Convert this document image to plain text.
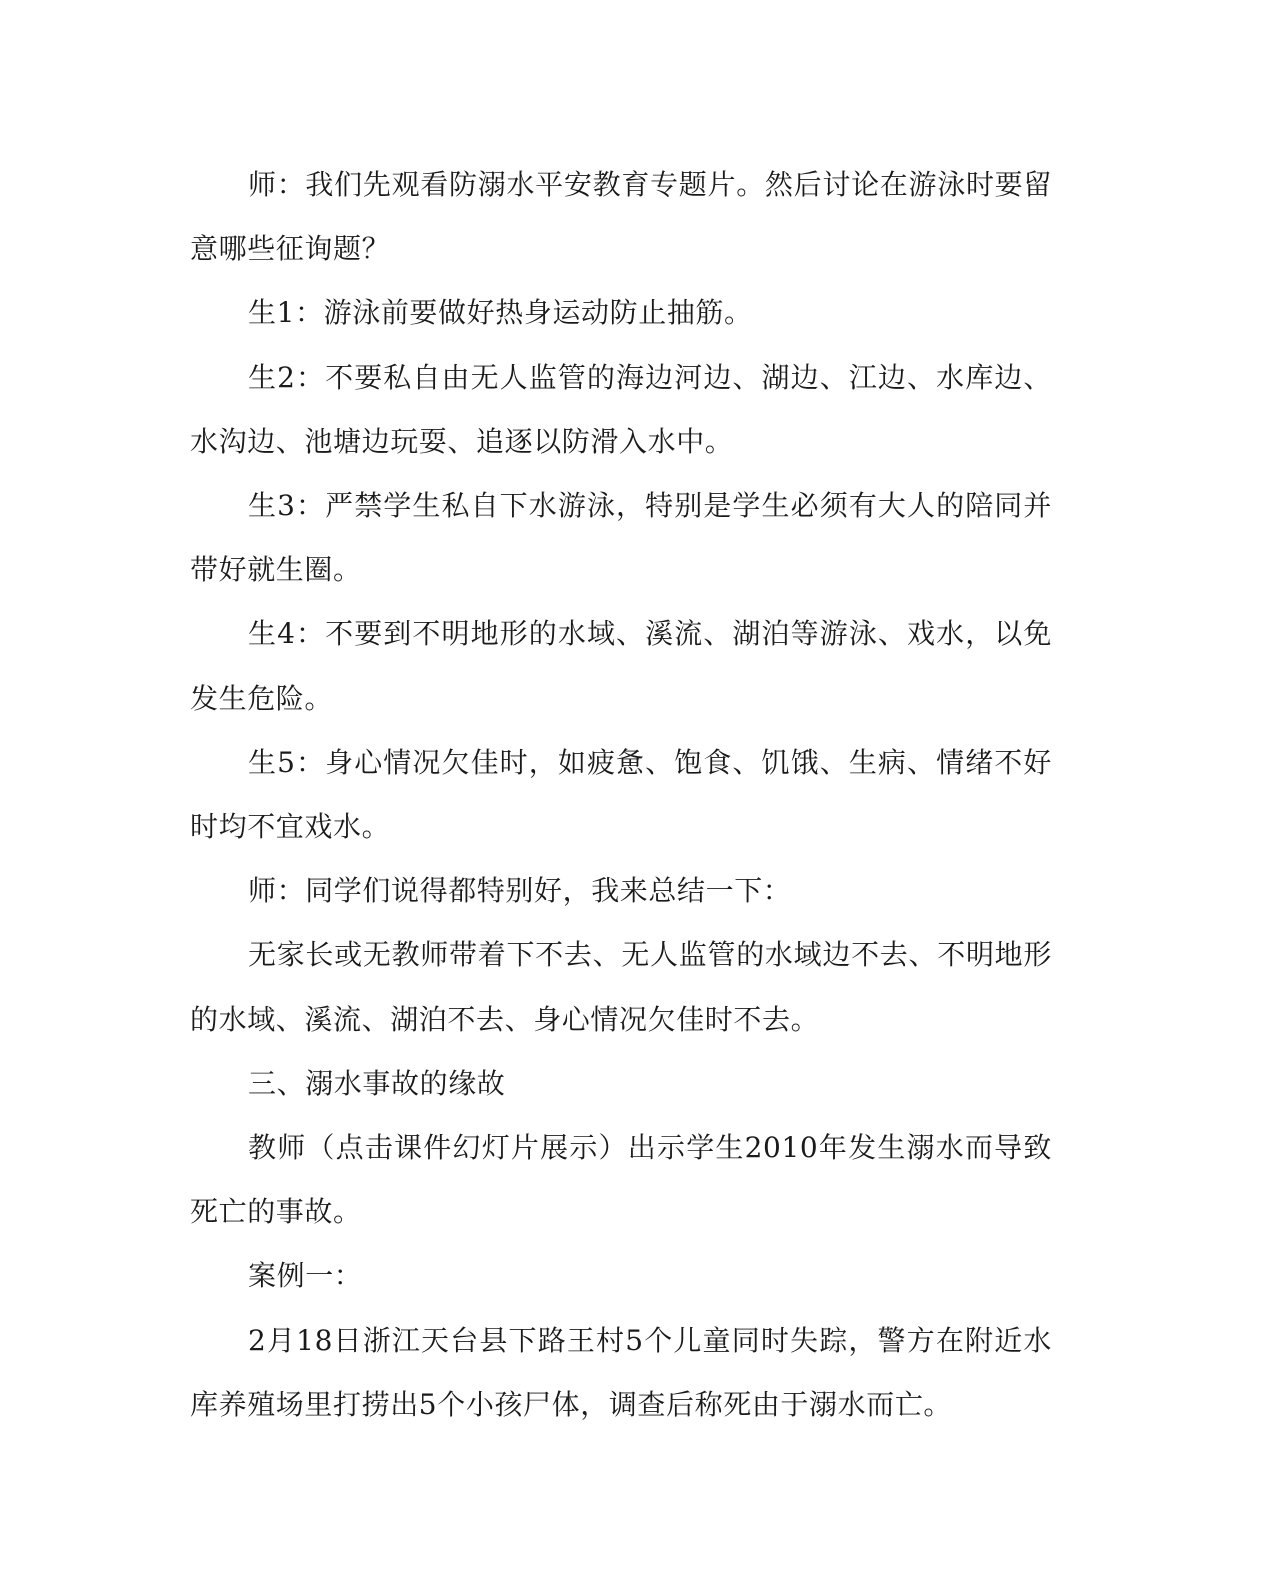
师：我们先观看防溺水平安教育专题片。然后讨论在游泳时要留意哪些征询题？

生1：游泳前要做好热身运动防止抽筋。

生2：不要私自由无人监管的海边河边、湖边、江边、水库边、水沟边、池塘边玩耍、追逐以防滑入水中。

生3：严禁学生私自下水游泳，特别是学生必须有大人的陪同并带好就生圈。

生4：不要到不明地形的水域、溪流、湖泊等游泳、戏水，以免发生危险。

生5：身心情况欠佳时，如疲惫、饱食、饥饿、生病、情绪不好时均不宜戏水。

师：同学们说得都特别好，我来总结一下：

无家长或无教师带着下不去、无人监管的水域边不去、不明地形的水域、溪流、湖泊不去、身心情况欠佳时不去。

三、溺水事故的缘故

教师（点击课件幻灯片展示）出示学生2010年发生溺水而导致死亡的事故。

案例一：

2月18日浙江天台县下路王村5个儿童同时失踪，警方在附近水库养殖场里打捞出5个小孩尸体，调查后称死由于溺水而亡。
